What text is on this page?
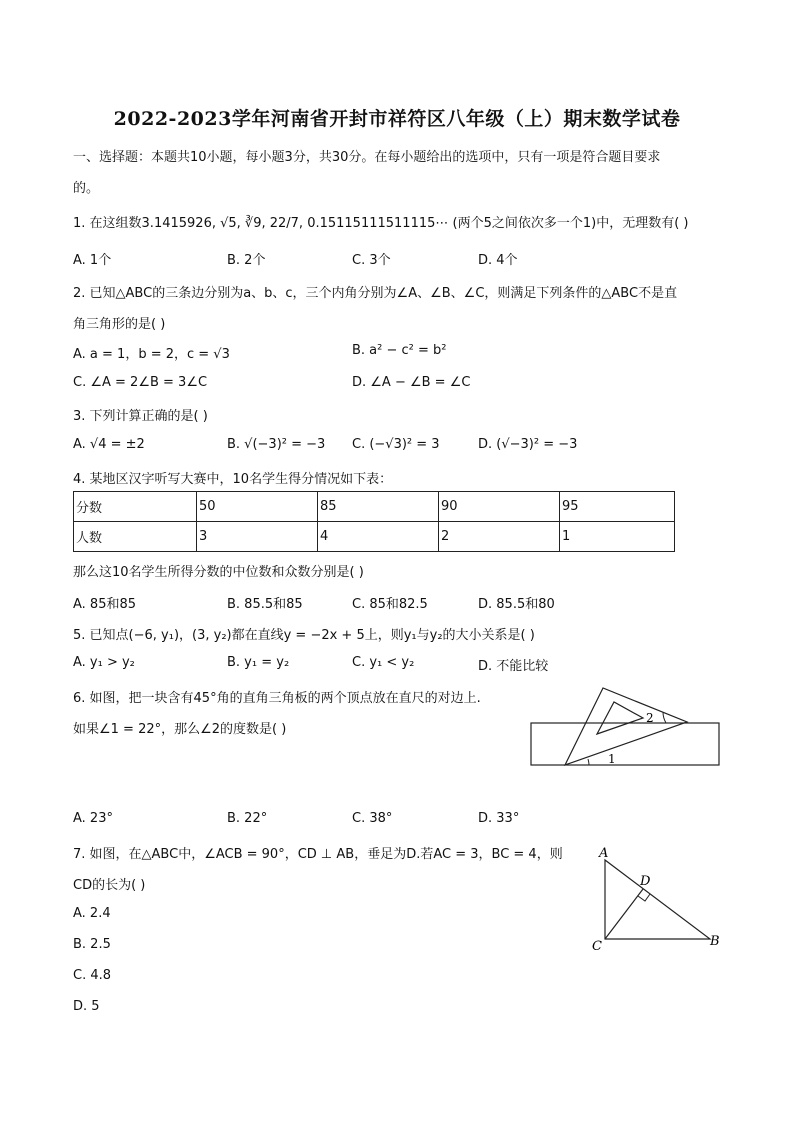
2022-2023学年河南省开封市祥符区八年级（上）期末数学试卷
一、选择题：本题共10小题，每小题3分，共30分。在每小题给出的选项中，只有一项是符合题目要求
的。
1. 在这组数3.1415926, √5, ∛9, 22/7, 0.15115111511115⋯ (两个5之间依次多一个1)中，无理数有( )
A. 1个	B. 2个	C. 3个	D. 4个
2. 已知△ABC的三条边分别为a、b、c，三个内角分别为∠A、∠B、∠C，则满足下列条件的△ABC不是直
角三角形的是( )
A. a = 1，b = 2，c = √3	B. a² − c² = b²
C. ∠A = 2∠B = 3∠C	D. ∠A − ∠B = ∠C
3. 下列计算正确的是( )
A. √4 = ±2	B. √(−3)² = −3 C. (−√3)² = 3	D. (√−3)² = −3
4. 某地区汉字听写大赛中，10名学生得分情况如下表：
分数	50	85	90	95
人数	3	4	2	1
那么这10名学生所得分数的中位数和众数分别是( )
A. 85和85	B. 85.5和85	C. 85和82.5	D. 85.5和80
5. 已知点(−6, y₁)，(3, y₂)都在直线y = −2x + 5上，则y₁与y₂的大小关系是( )
A. y₁ > y₂	B. y₁ = y₂	C. y₁ < y₂	D. 不能比较
6. 如图，把一块含有45°角的直角三角板的两个顶点放在直尺的对边上.
如果∠1 = 22°，那么∠2的度数是( )
1
2
A. 23°	B. 22°	C. 38°	D. 33°
7. 如图，在△ABC中，∠ACB = 90°，CD ⊥ AB，垂足为D.若AC = 3，BC = 4，则
CD的长为( )
A. 2.4
B. 2.5
C. 4.8
D. 5
A
B
C
D
